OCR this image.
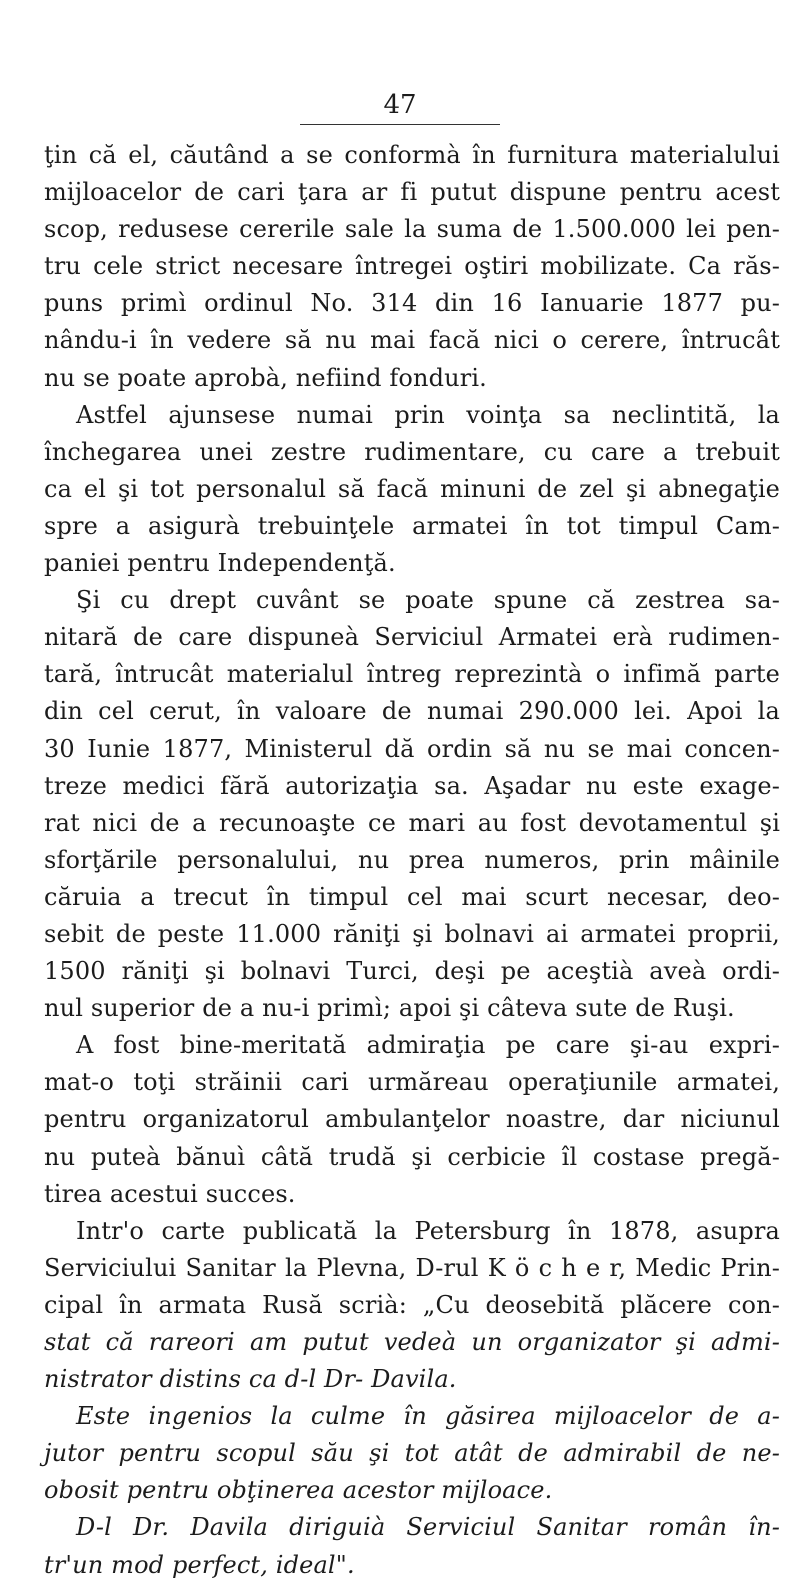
47
ţin că el, căutând a se conformà în furnitura materialului
mijloacelor de cari ţara ar fi putut dispune pentru acest
scop, redusese cererile sale la suma de 1.500.000 lei pen-
tru cele strict necesare întregei oştiri mobilizate. Ca răs-
puns primì ordinul No. 314 din 16 Ianuarie 1877 pu-
nându-i în vedere să nu mai facă nici o cerere, întrucât
nu se poate aprobà, nefiind fonduri.
Astfel ajunsese numai prin voinţa sa neclintită, la
închegarea unei zestre rudimentare, cu care a trebuit
ca el şi tot personalul să facă minuni de zel şi abnegaţie
spre a asigurà trebuinţele armatei în tot timpul Cam-
paniei pentru Independenţă.
Şi cu drept cuvânt se poate spune că zestrea sa-
nitară de care dispuneà Serviciul Armatei erà rudimen-
tară, întrucât materialul întreg reprezintà o infimă parte
din cel cerut, în valoare de numai 290.000 lei. Apoi la
30 Iunie 1877, Ministerul dă ordin să nu se mai concen-
treze medici fără autorizaţia sa. Aşadar nu este exage-
rat nici de a recunoaşte ce mari au fost devotamentul şi
sforţările personalului, nu prea numeros, prin mâinile
căruia a trecut în timpul cel mai scurt necesar, deo-
sebit de peste 11.000 răniţi şi bolnavi ai armatei proprii,
1500 răniţi şi bolnavi Turci, deşi pe aceştià aveà ordi-
nul superior de a nu-i primì; apoi şi câteva sute de Ruşi.
A fost bine-meritată admiraţia pe care şi-au expri-
mat-o toţi străinii cari urmăreau operaţiunile armatei,
pentru organizatorul ambulanţelor noastre, dar niciunul
nu puteà bănuì câtă trudă şi cerbicie îl costase pregă-
tirea acestui succes.
Intr'o carte publicată la Petersburg în 1878, asupra
Serviciului Sanitar la Plevna, D-rul K ö c h e r, Medic Prin-
cipal în armata Rusă scrià: „Cu deosebită plăcere con-
stat că rareori am putut vedeà un organizator şi admi-
nistrator distins ca d-l Dr- Davila.
Este ingenios la culme în găsirea mijloacelor de a-
jutor pentru scopul său şi tot atât de admirabil de ne-
obosit pentru obţinerea acestor mijloace.
D-l Dr. Davila diriguià Serviciul Sanitar român în-
tr'un mod perfect, ideal".
